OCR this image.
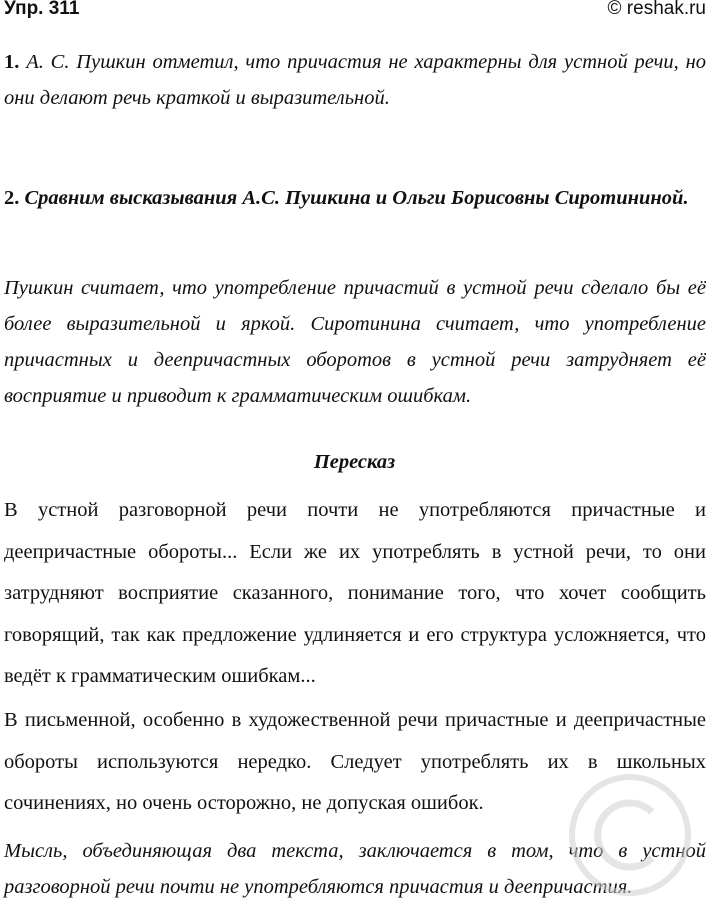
Упр. 311	© reshak.ru

1. А. С. Пушкин отметил, что причастия не характерны для устной речи, но они делают речь краткой и выразительной.

2. Сравним высказывания А.С. Пушкина и Ольги Борисовны Сиротининой.

Пушкин считает, что употребление причастий в устной речи сделало бы её более выразительной и яркой. Сиротинина считает, что употребление причастных и деепричастных оборотов в устной речи затрудняет её восприятие и приводит к грамматическим ошибкам.

Пересказ

В устной разговорной речи почти не употребляются причастные и деепричастные обороты... Если же их употреблять в устной речи, то они затрудняют восприятие сказанного, понимание того, что хочет сообщить говорящий, так как предложение удлиняется и его структура усложняется, что ведёт к грамматическим ошибкам...

В письменной, особенно в художественной речи причастные и деепричастные обороты используются нередко. Следует употреблять их в школьных сочинениях, но очень осторожно, не допуская ошибок.

Мысль, объединяющая два текста, заключается в том, что в устной разговорной речи почти не употребляются причастия и деепричастия.
